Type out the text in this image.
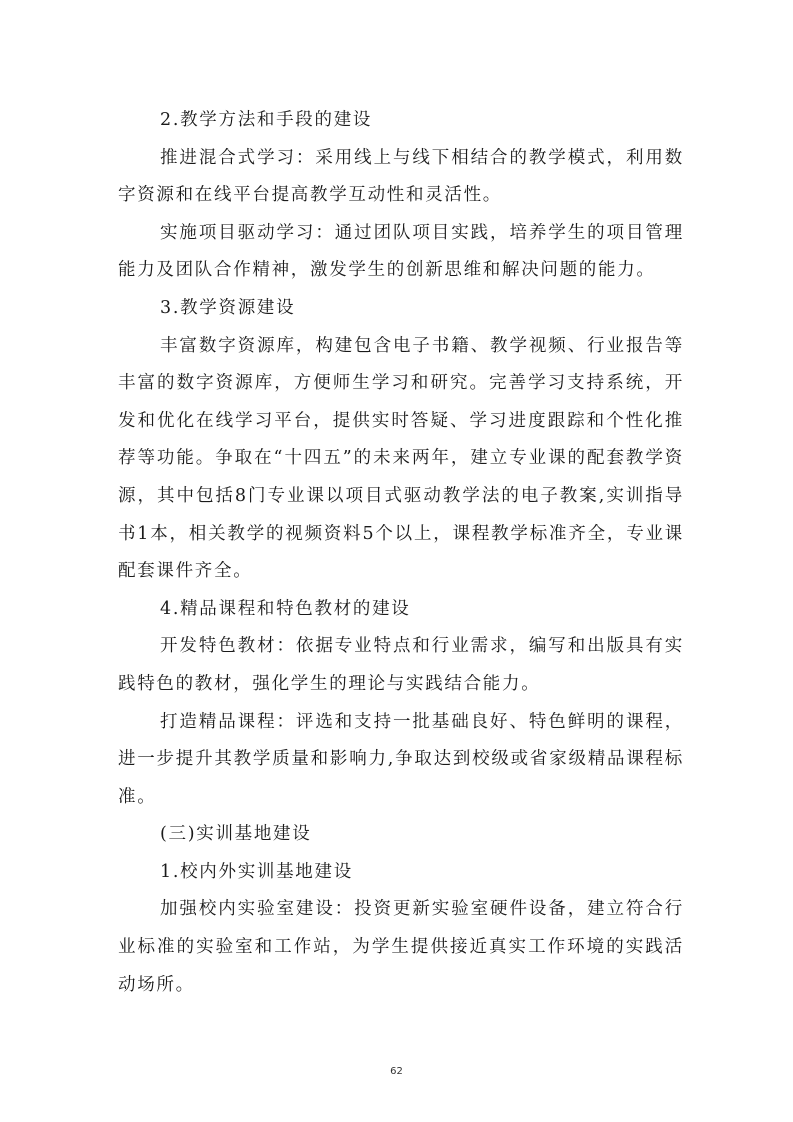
2.教学方法和手段的建设

推进混合式学习：采用线上与线下相结合的教学模式，利用数字资源和在线平台提高教学互动性和灵活性。

实施项目驱动学习：通过团队项目实践，培养学生的项目管理能力及团队合作精神，激发学生的创新思维和解决问题的能力。

3.教学资源建设

丰富数字资源库，构建包含电子书籍、教学视频、行业报告等丰富的数字资源库，方便师生学习和研究。完善学习支持系统，开发和优化在线学习平台，提供实时答疑、学习进度跟踪和个性化推荐等功能。争取在“十四五”的未来两年，建立专业课的配套教学资源，其中包括8门专业课以项目式驱动教学法的电子教案,实训指导书1本，相关教学的视频资料5个以上，课程教学标准齐全，专业课配套课件齐全。

4.精品课程和特色教材的建设

开发特色教材：依据专业特点和行业需求，编写和出版具有实践特色的教材，强化学生的理论与实践结合能力。

打造精品课程：评选和支持一批基础良好、特色鲜明的课程，进一步提升其教学质量和影响力,争取达到校级或省家级精品课程标准。

(三)实训基地建设

1.校内外实训基地建设

加强校内实验室建设：投资更新实验室硬件设备，建立符合行业标准的实验室和工作站，为学生提供接近真实工作环境的实践活动场所。

62
